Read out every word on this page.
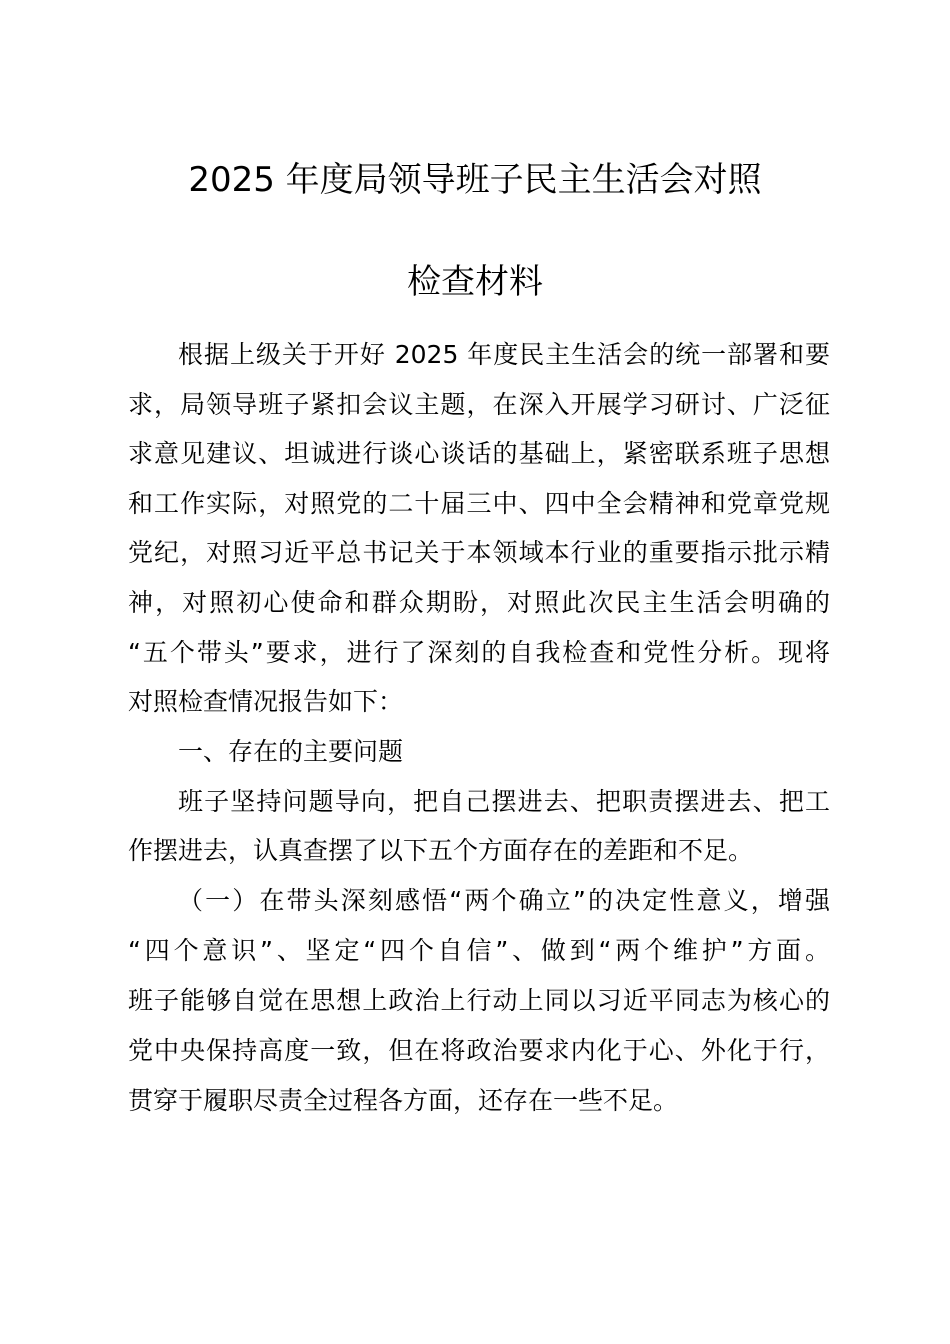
2025 年度局领导班子民主生活会对照
检查材料
根据上级关于开好 2025 年度民主生活会的统一部署和要
求，局领导班子紧扣会议主题，在深入开展学习研讨、广泛征
求意见建议、坦诚进行谈心谈话的基础上，紧密联系班子思想
和工作实际，对照党的二十届三中、四中全会精神和党章党规
党纪，对照习近平总书记关于本领域本行业的重要指示批示精
神，对照初心使命和群众期盼，对照此次民主生活会明确的
“五个带头”要求，进行了深刻的自我检查和党性分析。现将
对照检查情况报告如下：
一、存在的主要问题
班子坚持问题导向，把自己摆进去、把职责摆进去、把工
作摆进去，认真查摆了以下五个方面存在的差距和不足。
（一）在带头深刻感悟“两个确立”的决定性意义，增强
“四个意识”、坚定“四个自信”、做到“两个维护”方面。
班子能够自觉在思想上政治上行动上同以习近平同志为核心的
党中央保持高度一致，但在将政治要求内化于心、外化于行，
贯穿于履职尽责全过程各方面，还存在一些不足。
